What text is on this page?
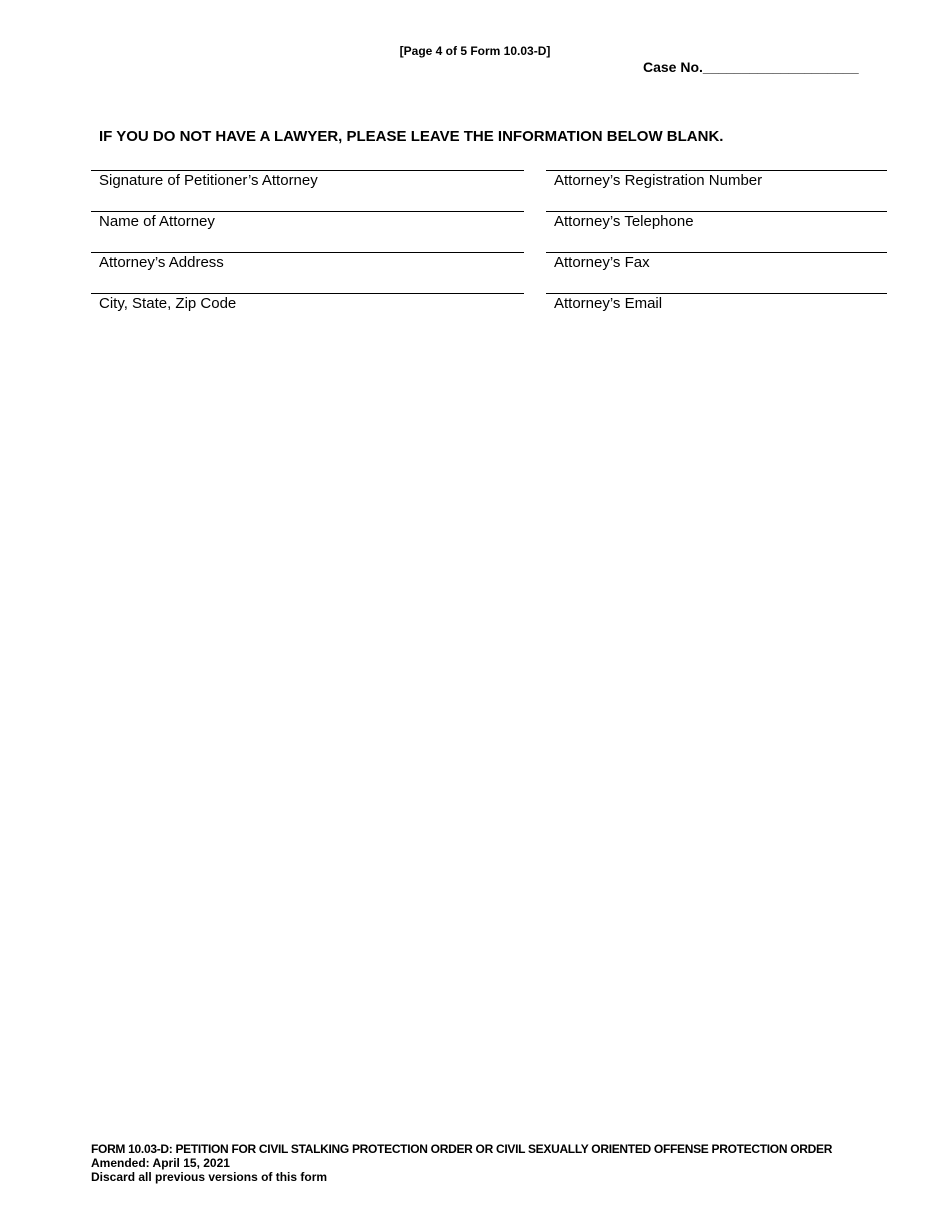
[Page 4 of 5 Form 10.03-D]
Case No.____________________
IF YOU DO NOT HAVE A LAWYER, PLEASE LEAVE THE INFORMATION BELOW BLANK.
Signature of Petitioner’s Attorney
Name of Attorney
Attorney’s Address
City, State, Zip Code
Attorney’s Registration Number
Attorney’s Telephone
Attorney’s Fax
Attorney’s Email
FORM 10.03-D: PETITION FOR CIVIL STALKING PROTECTION ORDER OR CIVIL SEXUALLY ORIENTED OFFENSE PROTECTION ORDER
Amended: April 15, 2021
Discard all previous versions of this form
